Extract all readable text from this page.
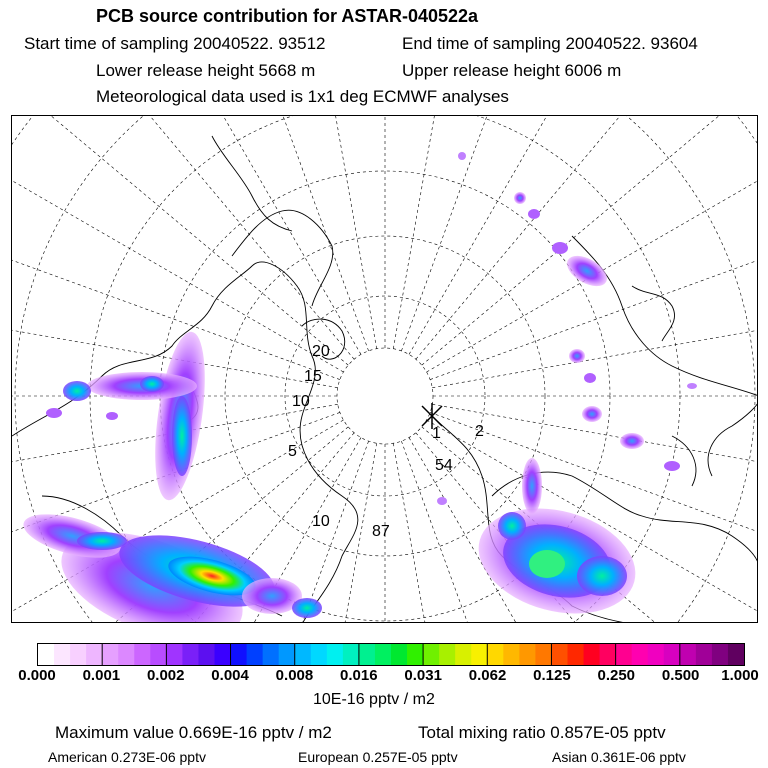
PCB source contribution for ASTAR-040522a
Start time of sampling 20040522. 93512	End time of sampling 20040522. 93604
Lower release height 5668 m	Upper release height 6006 m
Meteorological data used is 1x1 deg ECMWF analyses
20
15
10
5
1 2
54
10
87
0.000 0.001 0.002 0.004 0.008 0.016 0.031 0.062 0.125 0.250 0.500 1.000
10E-16 pptv / m2
Maximum value 0.669E-16 pptv / m2	Total mixing ratio 0.857E-05 pptv
American 0.273E-06 pptv	European 0.257E-05 pptv	Asian 0.361E-06 pptv
